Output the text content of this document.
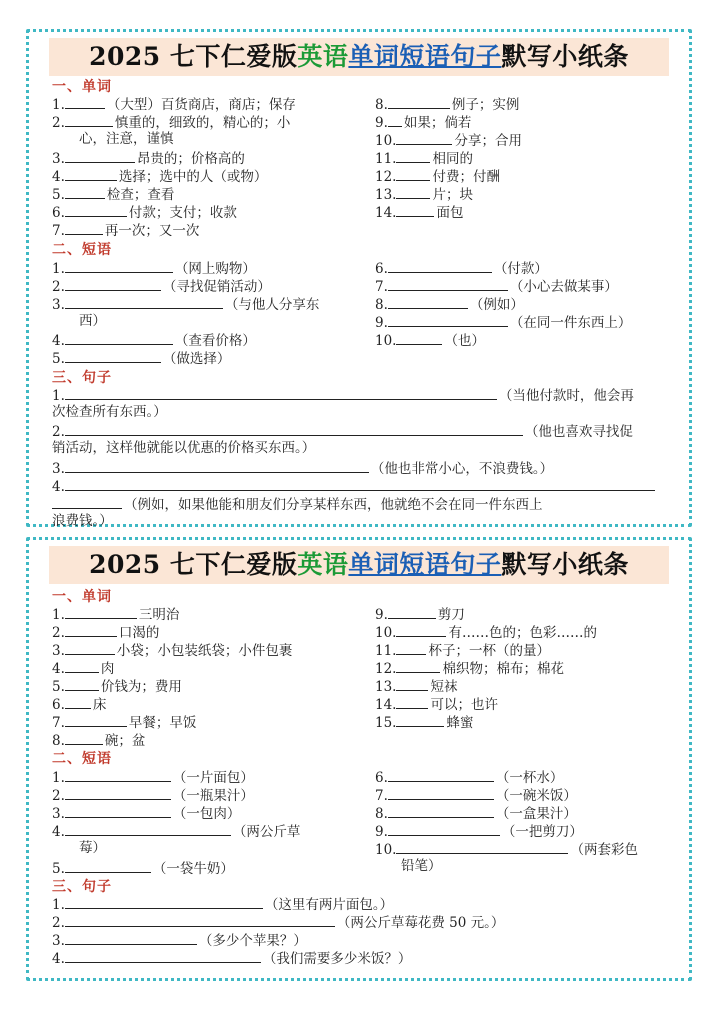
2025 七下仁爱版英语单词短语句子默写小纸条
一、单词
1.	（大型）百货商店，商店；保存
2.	慎重的，细致的，精心的；小
心，注意，谨慎
3.	昂贵的；价格高的
4.	选择；选中的人（或物）
5.	检查；查看
6.	付款；支付；收款
7.	再一次；又一次
8.	例子；实例
9. 如果；倘若
10.	分享；合用
11.	相同的
12.	付费；付酬
13.	片；块
14.	面包
二、短语
1.	（网上购物）
2.	（寻找促销活动）
3.	（与他人分享东
西）
4.	（查看价格）
5.	（做选择）
6.	（付款）
7.	（小心去做某事）
8.	（例如）
9.	（在同一件东西上）
10.	（也）
三、句子
1.	（当他付款时，他会再
次检查所有东西。）
2.	（他也喜欢寻找促
销活动，这样他就能以优惠的价格买东西。）
3.	（他也非常小心，不浪费钱。）
4.
（例如，如果他能和朋友们分享某样东西，他就绝不会在同一件东西上
浪费钱。）
2025 七下仁爱版英语单词短语句子默写小纸条
一、单词
1.	三明治
2.	口渴的
3.	小袋；小包装纸袋；小件包裹
4.	肉
5.	价钱为；费用
6. 床
7.	早餐；早饭
8.	碗；盆
9.	剪刀
10.	有……色的；色彩……的
11. 杯子；一杯（的量）
12.	棉织物；棉布；棉花
13.	短袜
14.	可以；也许
15.	蜂蜜
二、短语
1.	（一片面包）
2.	（一瓶果汁）
3.	（一包肉）
4.	（两公斤草
莓）
5.	（一袋牛奶）
6.	（一杯水）
7.	（一碗米饭）
8.	（一盒果汁）
9.	（一把剪刀）
10.	（两套彩色
铅笔）
三、句子
1.	（这里有两片面包。）
2.	（两公斤草莓花费 50 元。）
3.	（多少个苹果？）
4.	（我们需要多少米饭？）
